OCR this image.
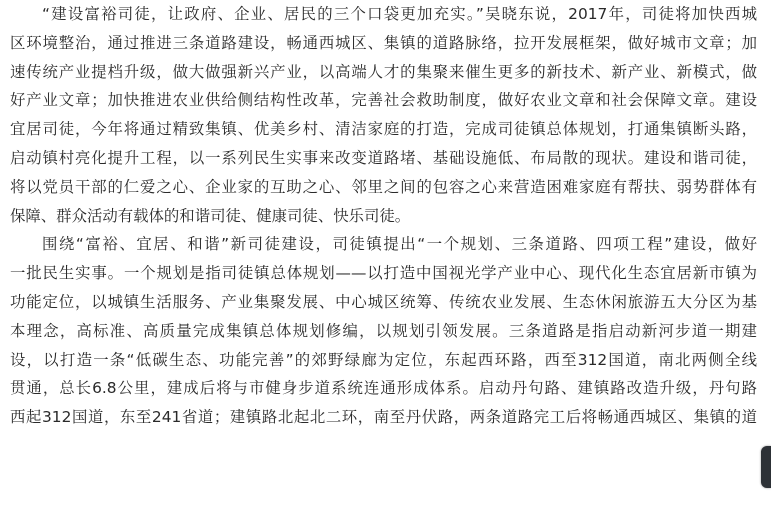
“建设富裕司徒，让政府、企业、居民的三个口袋更加充实。”吴晓东说，2017年，司徒将加快西城
区环境整治，通过推进三条道路建设，畅通西城区、集镇的道路脉络，拉开发展框架，做好城市文章；加
速传统产业提档升级，做大做强新兴产业，以高端人才的集聚来催生更多的新技术、新产业、新模式，做
好产业文章；加快推进农业供给侧结构性改革，完善社会救助制度，做好农业文章和社会保障文章。建设
宜居司徒，今年将通过精致集镇、优美乡村、清洁家庭的打造，完成司徒镇总体规划，打通集镇断头路，
启动镇村亮化提升工程，以一系列民生实事来改变道路堵、基础设施低、布局散的现状。建设和谐司徒，
将以党员干部的仁爱之心、企业家的互助之心、邻里之间的包容之心来营造困难家庭有帮扶、弱势群体有
保障、群众活动有载体的和谐司徒、健康司徒、快乐司徒。
围绕“富裕、宜居、和谐”新司徒建设，司徒镇提出“一个规划、三条道路、四项工程”建设，做好
一批民生实事。一个规划是指司徒镇总体规划——以打造中国视光学产业中心、现代化生态宜居新市镇为
功能定位，以城镇生活服务、产业集聚发展、中心城区统筹、传统农业发展、生态休闲旅游五大分区为基
本理念，高标准、高质量完成集镇总体规划修编，以规划引领发展。三条道路是指启动新河步道一期建
设，以打造一条“低碳生态、功能完善”的郊野绿廊为定位，东起西环路，西至312国道，南北两侧全线
贯通，总长6.8公里，建成后将与市健身步道系统连通形成体系。启动丹句路、建镇路改造升级，丹句路
西起312国道，东至241省道；建镇路北起北二环，南至丹伏路，两条道路完工后将畅通西城区、集镇的道
